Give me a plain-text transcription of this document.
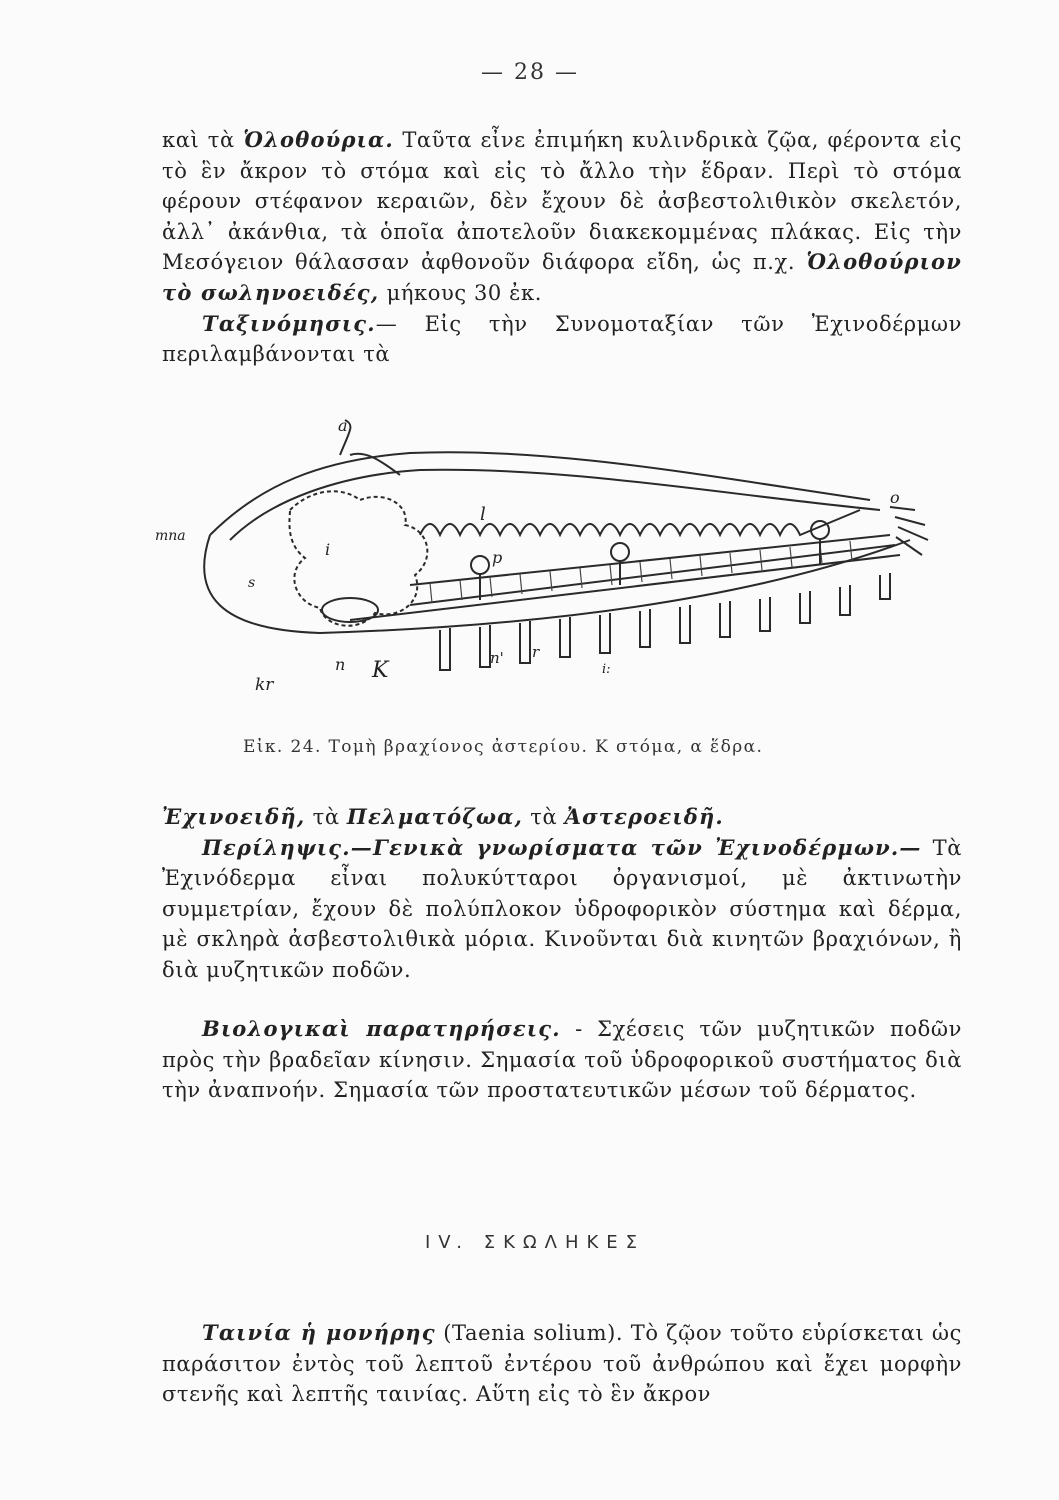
— 28 —
καὶ τὰ Ὁλοθούρια. Ταῦτα εἶνε ἐπιμήκη κυλινδρικὰ ζῷα, φέροντα εἰς τὸ ἓν ἄκρον τὸ στόμα καὶ εἰς τὸ ἄλλο τὴν ἕδραν. Περὶ τὸ στόμα φέρουν στέφανον κεραιῶν, δὲν ἔχουν δὲ ἀσβεστολιθικὸν σκελετόν, ἀλλ᾽ ἀκάνθια, τὰ ὁποῖα ἀποτελοῦν διακεκομμένας πλάκας. Εἰς τὴν Μεσόγειον θάλασσαν ἀφθονοῦν διάφορα εἴδη, ὡς π.χ. Ὁλοθούριον τὸ σωληνοειδές, μήκους 30 ἐκ.
Ταξινόμησις.— Εἰς τὴν Συνομοταξίαν τῶν Ἐχινοδέρμων περιλαμβάνονται τὰ
a
mna
l
o
i	p
s
kr
n K	n' r
i:
Εἰκ. 24. Τομὴ βραχίονος ἀστερίου. Κ στόμα, α ἕδρα.
Ἐχινοειδῆ, τὰ Πελματόζωα, τὰ Ἀστεροειδῆ.
Περίληψις.—Γενικὰ γνωρίσματα τῶν Ἐχινοδέρμων.— Τὰ Ἐχινόδερμα εἶναι πολυκύτταροι ὀργανισμοί, μὲ ἀκτινωτὴν συμμετρίαν, ἔχουν δὲ πολύπλοκον ὑδροφορικὸν σύστημα καὶ δέρμα, μὲ σκληρὰ ἀσβεστολιθικὰ μόρια. Κινοῦνται διὰ κινητῶν βραχιόνων, ἢ διὰ μυζητικῶν ποδῶν.
Βιολογικαὶ παρατηρήσεις. - Σχέσεις τῶν μυζητικῶν ποδῶν πρὸς τὴν βραδεῖαν κίνησιν. Σημασία τοῦ ὑδροφορικοῦ συστήματος διὰ τὴν ἀναπνοήν. Σημασία τῶν προστατευτικῶν μέσων τοῦ δέρματος.
IV. ΣΚΩΛΗΚΕΣ
Ταινία ἡ μονήρης (Taenia solium). Τὸ ζῷον τοῦτο εὑρίσκεται ὡς παράσιτον ἐντὸς τοῦ λεπτοῦ ἐντέρου τοῦ ἀνθρώπου καὶ ἔχει μορφὴν στενῆς καὶ λεπτῆς ταινίας. Αὕτη εἰς τὸ ἓν ἄκρον
